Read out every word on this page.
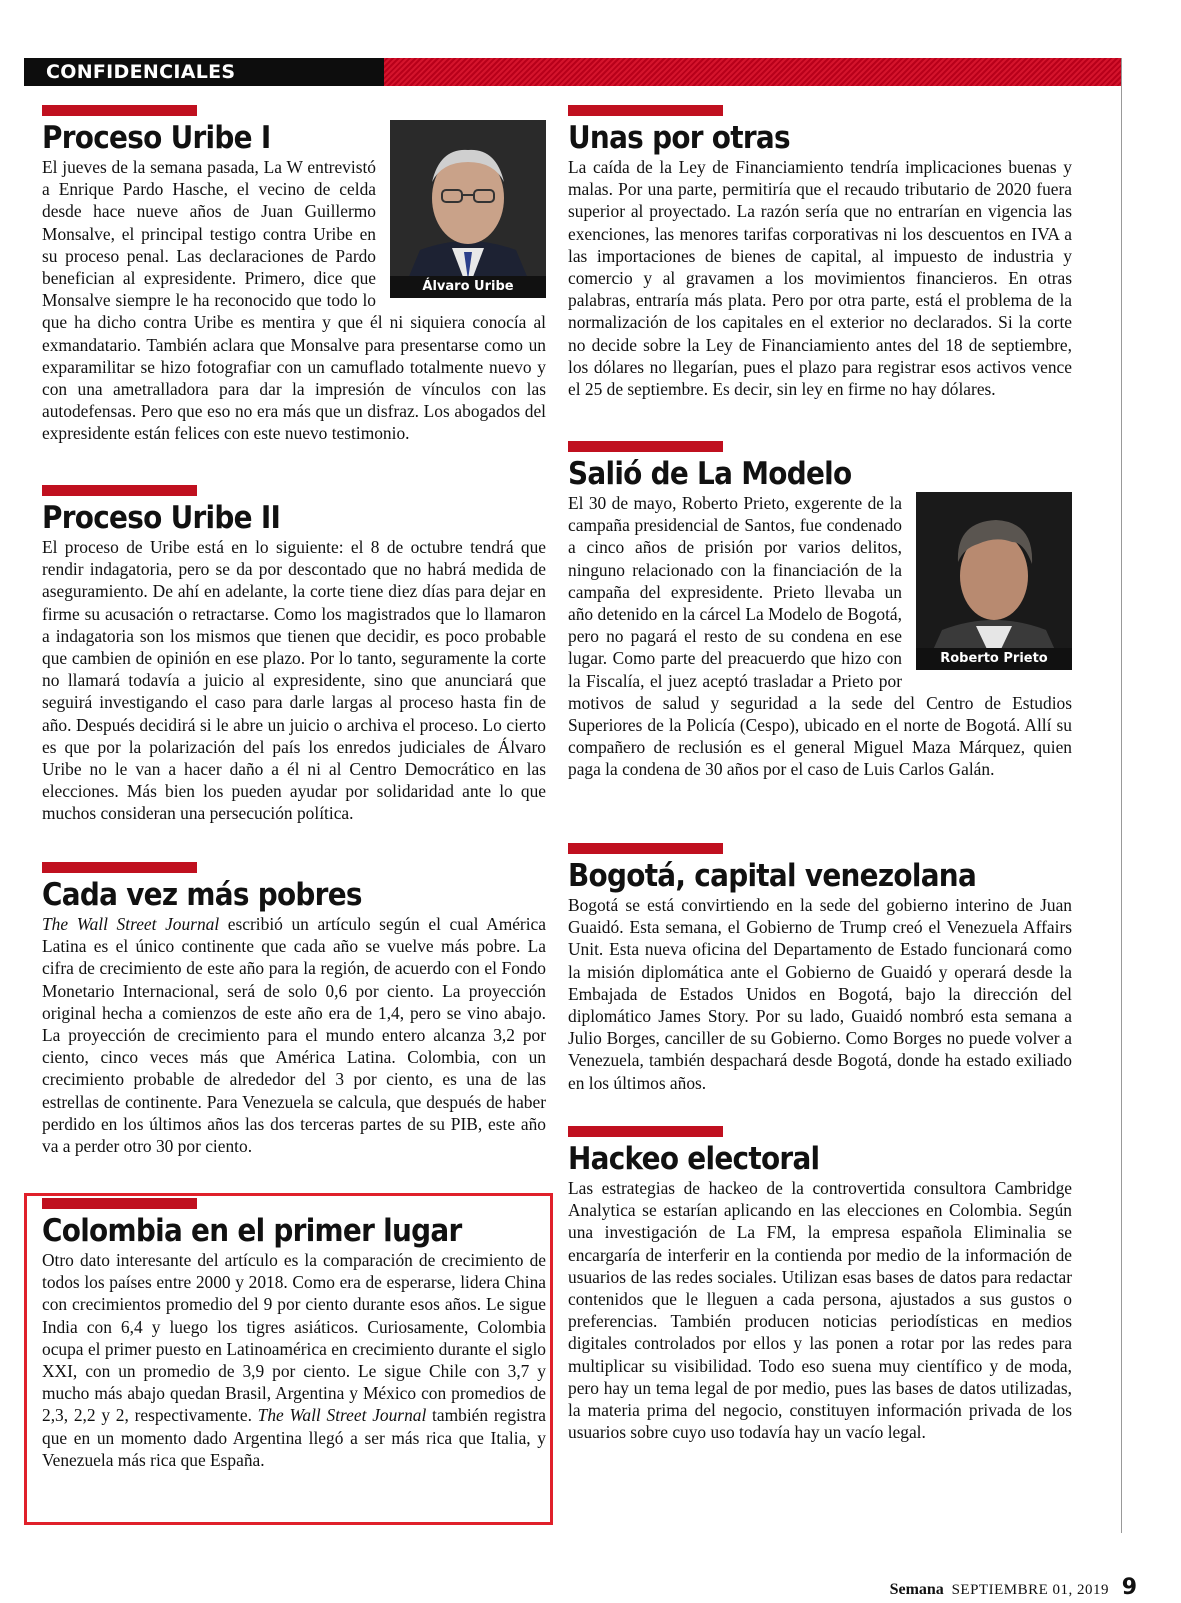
CONFIDENCIALES
Álvaro Uribe
Proceso Uribe I

El jueves de la semana pasada, La W entrevistó a Enrique Pardo Hasche, el vecino de celda desde hace nueve años de Juan Guillermo Monsalve, el principal testigo contra Uribe en su proceso penal. Las declaraciones de Pardo benefician al expresidente. Primero, dice que Monsalve siempre le ha reconocido que todo lo que ha dicho contra Uribe es mentira y que él ni siquiera conocía al exmandatario. También aclara que Monsalve para presentarse como un exparamilitar se hizo fotografiar con un camuflado totalmente nuevo y con una ametralladora para dar la impresión de vínculos con las autodefensas. Pero que eso no era más que un disfraz. Los abogados del expresidente están felices con este nuevo testimonio.

Proceso Uribe II

El proceso de Uribe está en lo siguiente: el 8 de octubre tendrá que rendir indagatoria, pero se da por descontado que no habrá medida de aseguramiento. De ahí en adelante, la corte tiene diez días para dejar en firme su acusación o retractarse. Como los magistrados que lo llamaron a indagatoria son los mismos que tienen que decidir, es poco probable que cambien de opinión en ese plazo. Por lo tanto, seguramente la corte no llamará todavía a juicio al expresidente, sino que anunciará que seguirá investigando el caso para darle largas al proceso hasta fin de año. Después decidirá si le abre un juicio o archiva el proceso. Lo cierto es que por la polarización del país los enredos judiciales de Álvaro Uribe no le van a hacer daño a él ni al Centro Democrático en las elecciones. Más bien los pueden ayudar por solidaridad ante lo que muchos consideran una persecución política.

Cada vez más pobres

The Wall Street Journal escribió un artículo según el cual América Latina es el único continente que cada año se vuelve más pobre. La cifra de crecimiento de este año para la región, de acuerdo con el Fondo Monetario Internacional, será de solo 0,6 por ciento. La proyección original hecha a comienzos de este año era de 1,4, pero se vino abajo. La proyección de crecimiento para el mundo entero alcanza 3,2 por ciento, cinco veces más que América Latina. Colombia, con un crecimiento probable de alrededor del 3 por ciento, es una de las estrellas de continente. Para Venezuela se calcula, que después de haber perdido en los últimos años las dos terceras partes de su PIB, este año va a perder otro 30 por ciento.

Colombia en el primer lugar

Otro dato interesante del artículo es la comparación de crecimiento de todos los países entre 2000 y 2018. Como era de esperarse, lidera China con crecimientos promedio del 9 por ciento durante esos años. Le sigue India con 6,4 y luego los tigres asiáticos. Curiosamente, Colombia ocupa el primer puesto en Latinoamérica en crecimiento durante el siglo XXI, con un promedio de 3,9 por ciento. Le sigue Chile con 3,7 y mucho más abajo quedan Brasil, Argentina y México con promedios de 2,3, 2,2 y 2, respectivamente. The Wall Street Journal también registra que en un momento dado Argentina llegó a ser más rica que Italia, y Venezuela más rica que España.

Unas por otras

La caída de la Ley de Financiamiento tendría implicaciones buenas y malas. Por una parte, permitiría que el recaudo tributario de 2020 fuera superior al proyectado. La razón sería que no entrarían en vigencia las exenciones, las menores tarifas corporativas ni los descuentos en IVA a las importaciones de bienes de capital, al impuesto de industria y comercio y al gravamen a los movimientos financieros. En otras palabras, entraría más plata. Pero por otra parte, está el problema de la normalización de los capitales en el exterior no declarados. Si la corte no decide sobre la Ley de Financiamiento antes del 18 de septiembre, los dólares no llegarían, pues el plazo para registrar esos activos vence el 25 de septiembre. Es decir, sin ley en firme no hay dólares.

Salió de La Modelo
Roberto Prieto

El 30 de mayo, Roberto Prieto, exgerente de la campaña presidencial de Santos, fue condenado a cinco años de prisión por varios delitos, ninguno relacionado con la financiación de la campaña del expresidente. Prieto llevaba un año detenido en la cárcel La Modelo de Bogotá, pero no pagará el resto de su condena en ese lugar. Como parte del preacuerdo que hizo con la Fiscalía, el juez aceptó trasladar a Prieto por motivos de salud y seguridad a la sede del Centro de Estudios Superiores de la Policía (Cespo), ubicado en el norte de Bogotá. Allí su compañero de reclusión es el general Miguel Maza Márquez, quien paga la condena de 30 años por el caso de Luis Carlos Galán.

Bogotá, capital venezolana

Bogotá se está convirtiendo en la sede del gobierno interino de Juan Guaidó. Esta semana, el Gobierno de Trump creó el Venezuela Affairs Unit. Esta nueva oficina del Departamento de Estado funcionará como la misión diplomática ante el Gobierno de Guaidó y operará desde la Embajada de Estados Unidos en Bogotá, bajo la dirección del diplomático James Story. Por su lado, Guaidó nombró esta semana a Julio Borges, canciller de su Gobierno. Como Borges no puede volver a Venezuela, también despachará desde Bogotá, donde ha estado exiliado en los últimos años.

Hackeo electoral

Las estrategias de hackeo de la controvertida consultora Cambridge Analytica se estarían aplicando en las elecciones en Colombia. Según una investigación de La FM, la empresa española Eliminalia se encargaría de interferir en la contienda por medio de la información de usuarios de las redes sociales. Utilizan esas bases de datos para redactar contenidos que le lleguen a cada persona, ajustados a sus gustos o preferencias. También producen noticias periodísticas en medios digitales controlados por ellos y las ponen a rotar por las redes para multiplicar su visibilidad. Todo eso suena muy científico y de moda, pero hay un tema legal de por medio, pues las bases de datos utilizadas, la materia prima del negocio, constituyen información privada de los usuarios sobre cuyo uso todavía hay un vacío legal.

Semana SEPTIEMBRE 01, 2019 9
